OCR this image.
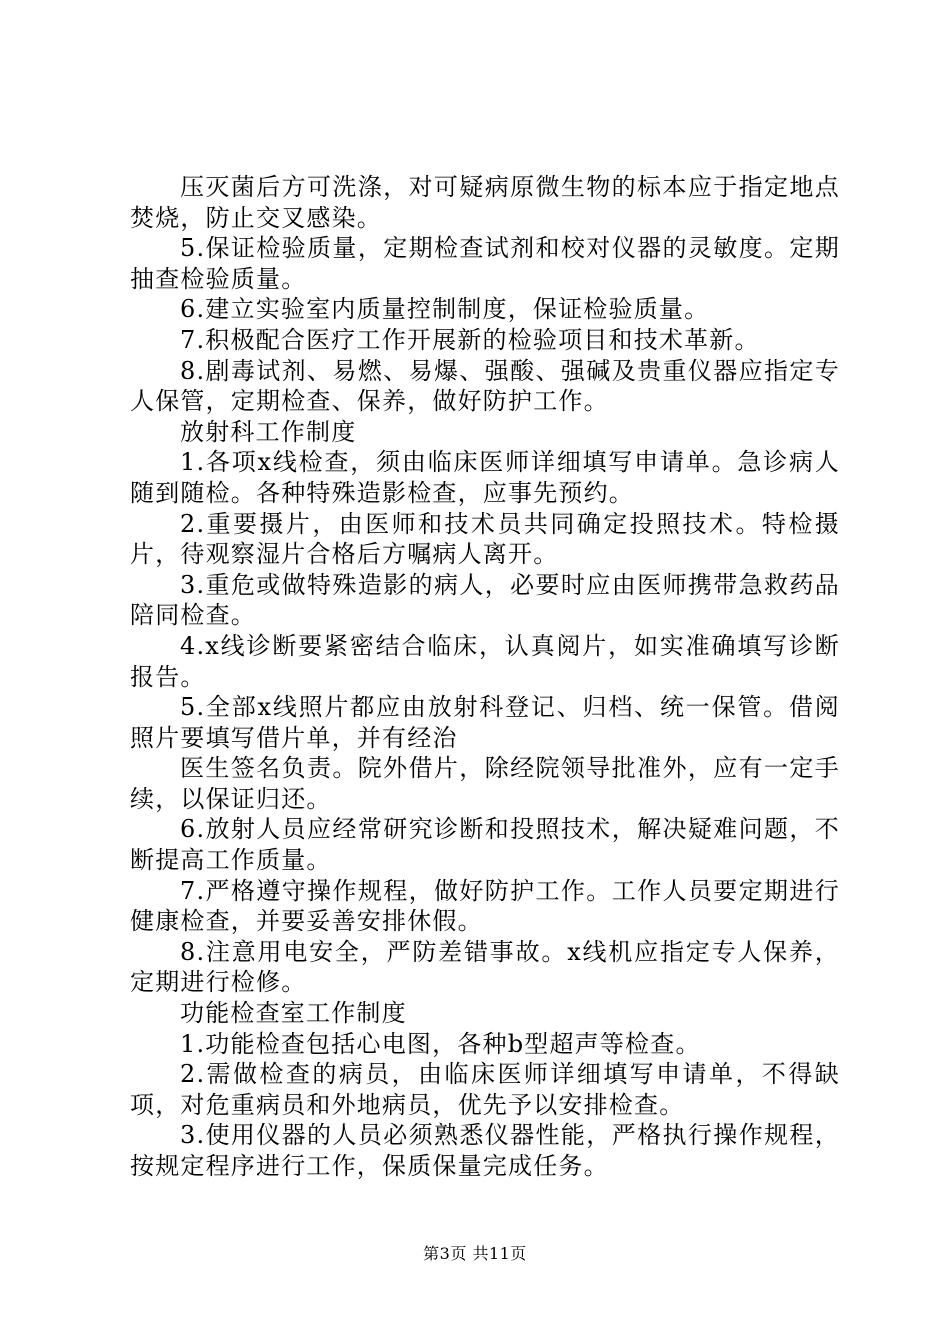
压灭菌后方可洗涤，对可疑病原微生物的标本应于指定地点焚烧，防止交叉感染。

5.保证检验质量，定期检查试剂和校对仪器的灵敏度。定期抽查检验质量。

6.建立实验室内质量控制制度，保证检验质量。

7.积极配合医疗工作开展新的检验项目和技术革新。

8.剧毒试剂、易燃、易爆、强酸、强碱及贵重仪器应指定专人保管，定期检查、保养，做好防护工作。

放射科工作制度

1.各项x线检查，须由临床医师详细填写申请单。急诊病人随到随检。各种特殊造影检查，应事先预约。

2.重要摄片，由医师和技术员共同确定投照技术。特检摄片，待观察湿片合格后方嘱病人离开。

3.重危或做特殊造影的病人，必要时应由医师携带急救药品陪同检查。

4.x线诊断要紧密结合临床，认真阅片，如实准确填写诊断报告。

5.全部x线照片都应由放射科登记、归档、统一保管。借阅照片要填写借片单，并有经治

医生签名负责。院外借片，除经院领导批准外，应有一定手续，以保证归还。

6.放射人员应经常研究诊断和投照技术，解决疑难问题，不断提高工作质量。

7.严格遵守操作规程，做好防护工作。工作人员要定期进行健康检查，并要妥善安排休假。

8.注意用电安全，严防差错事故。x线机应指定专人保养，定期进行检修。

功能检查室工作制度

1.功能检查包括心电图，各种b型超声等检查。

2.需做检查的病员，由临床医师详细填写申请单，不得缺项，对危重病员和外地病员，优先予以安排检查。

3.使用仪器的人员必须熟悉仪器性能，严格执行操作规程，按规定程序进行工作，保质保量完成任务。

第3页 共11页
